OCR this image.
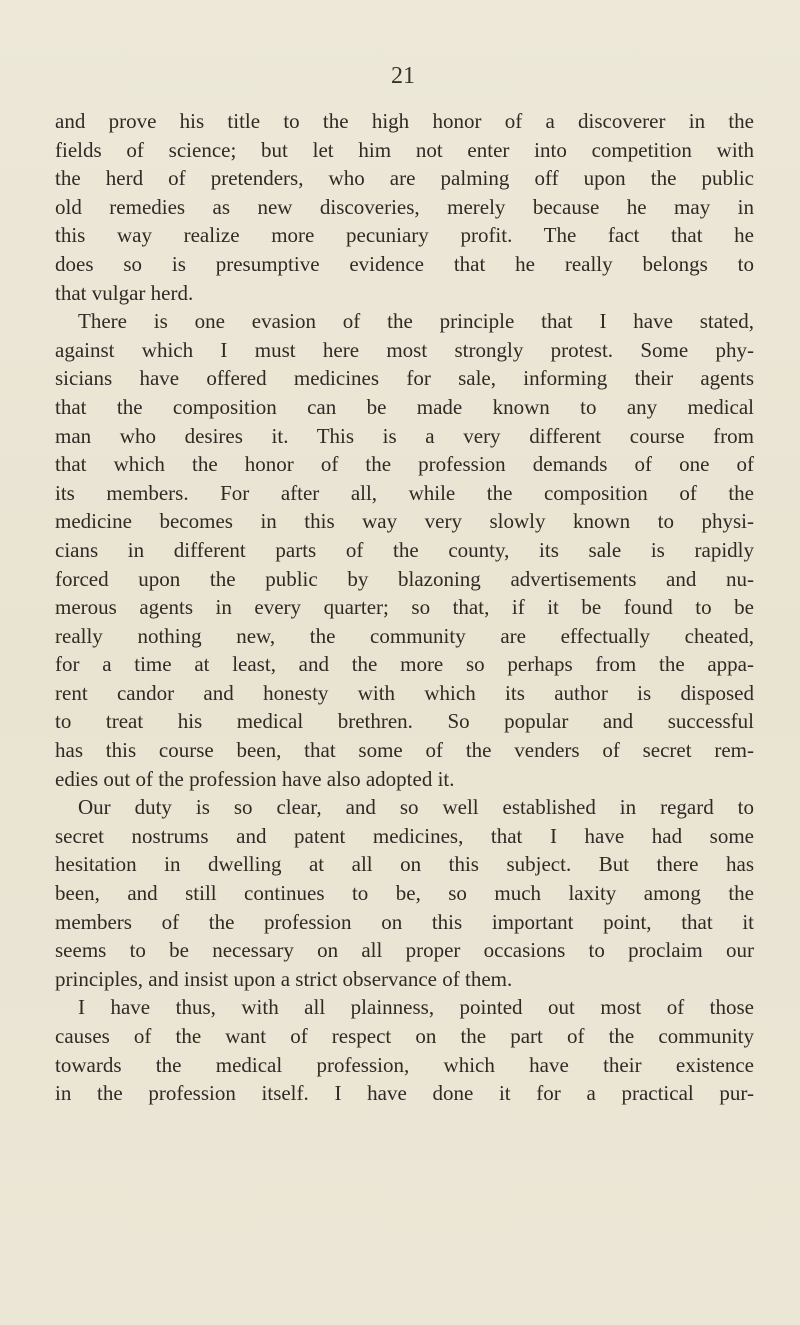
21
and prove his title to the high honor of a discoverer in the
fields of science; but let him not enter into competition with
the herd of pretenders, who are palming off upon the public
old remedies as new discoveries, merely because he may in
this way realize more pecuniary profit. The fact that he
does so is presumptive evidence that he really belongs to
that vulgar herd.
There is one evasion of the principle that I have stated,
against which I must here most strongly protest. Some phy-
sicians have offered medicines for sale, informing their agents
that the composition can be made known to any medical
man who desires it. This is a very different course from
that which the honor of the profession demands of one of
its members. For after all, while the composition of the
medicine becomes in this way very slowly known to physi-
cians in different parts of the county, its sale is rapidly
forced upon the public by blazoning advertisements and nu-
merous agents in every quarter; so that, if it be found to be
really nothing new, the community are effectually cheated,
for a time at least, and the more so perhaps from the appa-
rent candor and honesty with which its author is disposed
to treat his medical brethren. So popular and successful
has this course been, that some of the venders of secret rem-
edies out of the profession have also adopted it.
Our duty is so clear, and so well established in regard to
secret nostrums and patent medicines, that I have had some
hesitation in dwelling at all on this subject. But there has
been, and still continues to be, so much laxity among the
members of the profession on this important point, that it
seems to be necessary on all proper occasions to proclaim our
principles, and insist upon a strict observance of them.
I have thus, with all plainness, pointed out most of those
causes of the want of respect on the part of the community
towards the medical profession, which have their existence
in the profession itself. I have done it for a practical pur-
